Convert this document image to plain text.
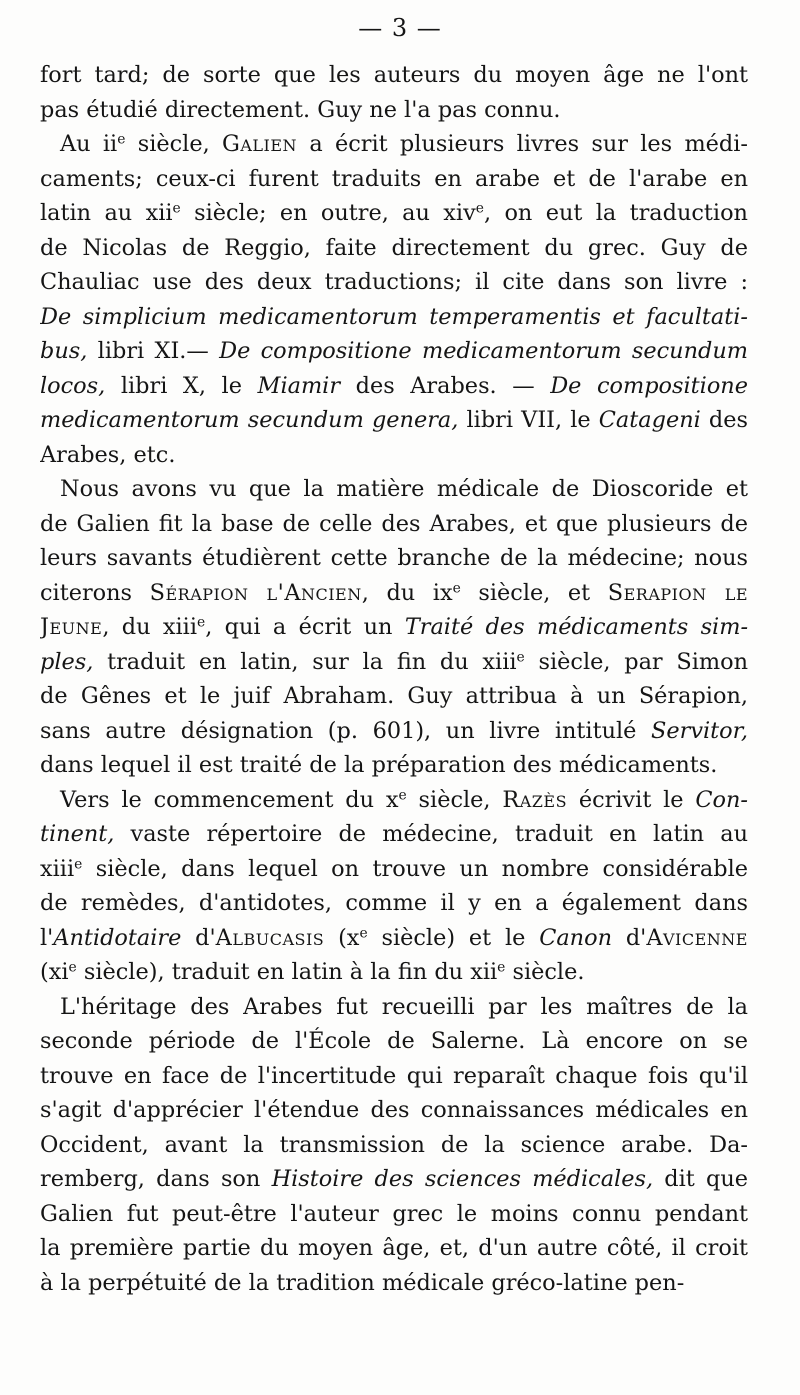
— 3 —
fort tard; de sorte que les auteurs du moyen âge ne l'ont
pas étudié directement. Guy ne l'a pas connu.
Au $ii^e$ siècle, Galien a écrit plusieurs livres sur les médi-
caments; ceux-ci furent traduits en arabe et de l'arabe en
latin au xii$^e$ siècle; en outre, au xiv$^e$, on eut la traduction
de Nicolas de Reggio, faite directement du grec. Guy de
Chauliac use des deux traductions; il cite dans son livre :
De simplicium medicamentorum temperamentis et facultati-
bus, libri XI.— De compositione medicamentorum secundum
locos, libri X, le Miamir des Arabes. — De compositione
medicamentorum secundum genera, libri VII, le Catageni des
Arabes, etc.
Nous avons vu que la matière médicale de Dioscoride et
de Galien fit la base de celle des Arabes, et que plusieurs de
leurs savants étudièrent cette branche de la médecine; nous
citerons Sérapion l'Ancien, du $ix^e$ siècle, et Serapion le
Jeune, du xiii$^e$, qui a écrit un Traité des médicaments sim-
ples, traduit en latin, sur la fin du xiii$^e$ siècle, par Simon
de Gênes et le juif Abraham. Guy attribua à un Sérapion,
sans autre désignation (p. 601), un livre intitulé Servitor,
dans lequel il est traité de la préparation des médicaments.
Vers le commencement du $x^e$ siècle, Razès écrivit le Con-
tinent, vaste répertoire de médecine, traduit en latin au
xiii$^e$ siècle, dans lequel on trouve un nombre considérable
de remèdes, d'antidotes, comme il y en a également dans
l'Antidotaire d'Albucasis ($x^e$ siècle) et le Canon d'Avicenne
($xi^e$ siècle), traduit en latin à la fin du xii$^e$ siècle.
L'héritage des Arabes fut recueilli par les maîtres de la
seconde période de l'École de Salerne. Là encore on se
trouve en face de l'incertitude qui reparaît chaque fois qu'il
s'agit d'apprécier l'étendue des connaissances médicales en
Occident, avant la transmission de la science arabe. Da-
remberg, dans son Histoire des sciences médicales, dit que
Galien fut peut-être l'auteur grec le moins connu pendant
la première partie du moyen âge, et, d'un autre côté, il croit
à la perpétuité de la tradition médicale gréco-latine pen-
